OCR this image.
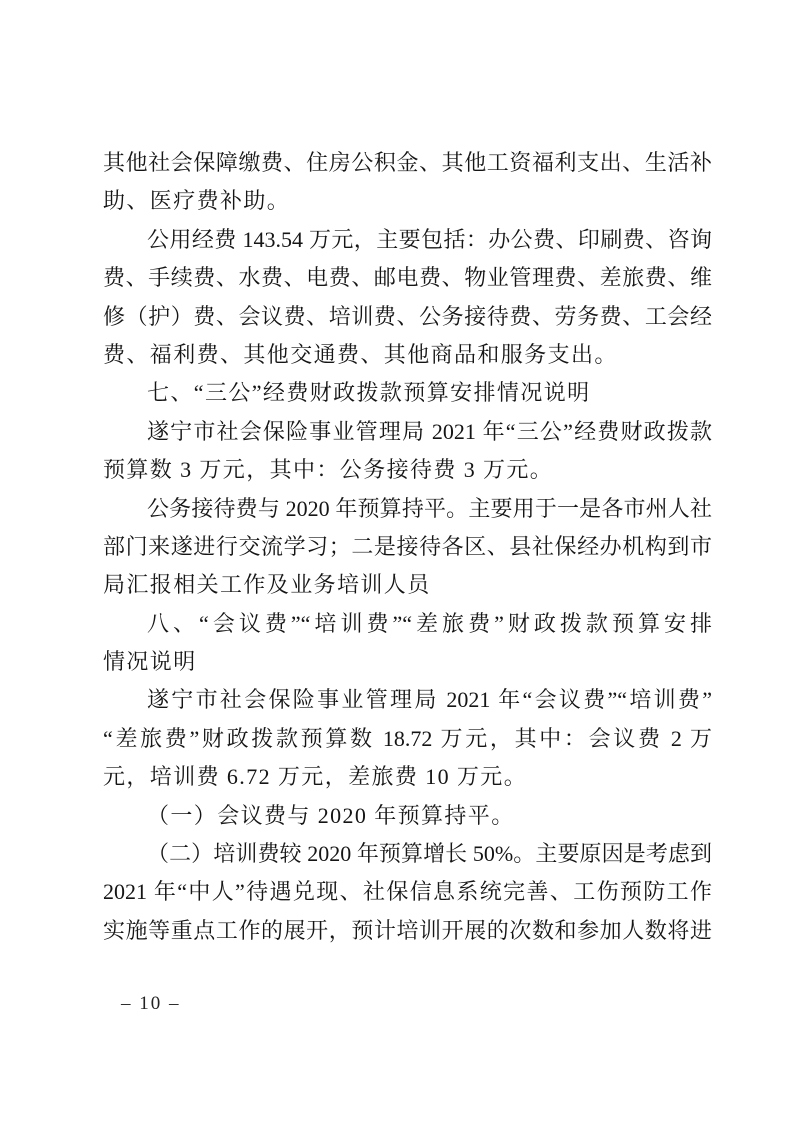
其他社会保障缴费、住房公积金、其他工资福利支出、生活补
助、医疗费补助。
公用经费 143.54 万元，主要包括：办公费、印刷费、咨询
费、手续费、水费、电费、邮电费、物业管理费、差旅费、维
修（护）费、会议费、培训费、公务接待费、劳务费、工会经
费、福利费、其他交通费、其他商品和服务支出。
七、“三公”经费财政拨款预算安排情况说明
遂宁市社会保险事业管理局 2021 年“三公”经费财政拨款
预算数 3 万元，其中：公务接待费 3 万元。
公务接待费与 2020 年预算持平。主要用于一是各市州人社
部门来遂进行交流学习；二是接待各区、县社保经办机构到市
局汇报相关工作及业务培训人员
八、“会议费”“培训费”“差旅费”财政拨款预算安排
情况说明
遂宁市社会保险事业管理局 2021 年“会议费”“培训费”
“差旅费”财政拨款预算数 18.72 万元，其中：会议费 2 万
元，培训费 6.72 万元，差旅费 10 万元。
（一）会议费与 2020 年预算持平。
（二）培训费较 2020 年预算增长 50%。主要原因是考虑到
2021 年“中人”待遇兑现、社保信息系统完善、工伤预防工作
实施等重点工作的展开，预计培训开展的次数和参加人数将进
– 10 –
